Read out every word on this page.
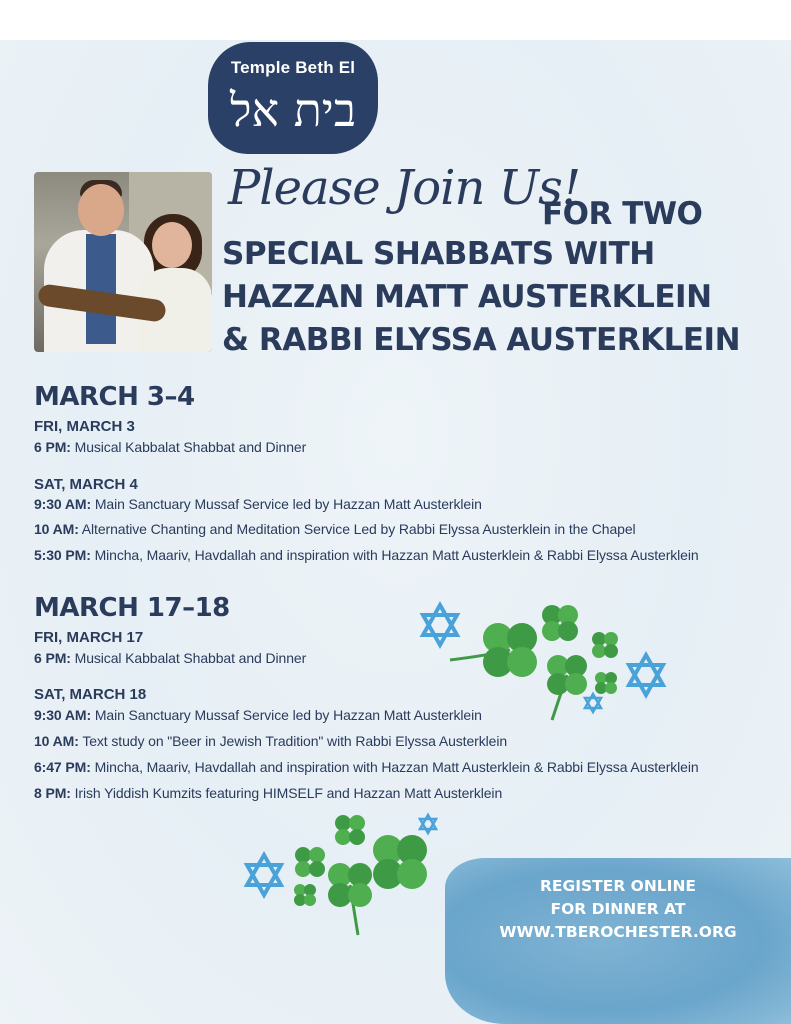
Temple Beth El
בית אל
Please Join Us!
FOR TWO
SPECIAL SHABBATS WITH
HAZZAN MATT AUSTERKLEIN
& RABBI ELYSSA AUSTERKLEIN
MARCH 3–4
FRI, MARCH 3
6 PM: Musical Kabbalat Shabbat and Dinner
SAT, MARCH 4
9:30 AM: Main Sanctuary Mussaf Service led by Hazzan Matt Austerklein
10 AM: Alternative Chanting and Meditation Service Led by Rabbi Elyssa Austerklein in the Chapel
5:30 PM: Mincha, Maariv, Havdallah and inspiration with Hazzan Matt Austerklein & Rabbi Elyssa Austerklein
MARCH 17–18
FRI, MARCH 17
6 PM: Musical Kabbalat Shabbat and Dinner
SAT, MARCH 18
9:30 AM: Main Sanctuary Mussaf Service led by Hazzan Matt Austerklein
10 AM: Text study on "Beer in Jewish Tradition" with Rabbi Elyssa Austerklein
6:47 PM: Mincha, Maariv, Havdallah and inspiration with Hazzan Matt Austerklein & Rabbi Elyssa Austerklein
8 PM: Irish Yiddish Kumzits featuring HIMSELF and Hazzan Matt Austerklein
REGISTER ONLINE
FOR DINNER AT
WWW.TBEROCHESTER.ORG
